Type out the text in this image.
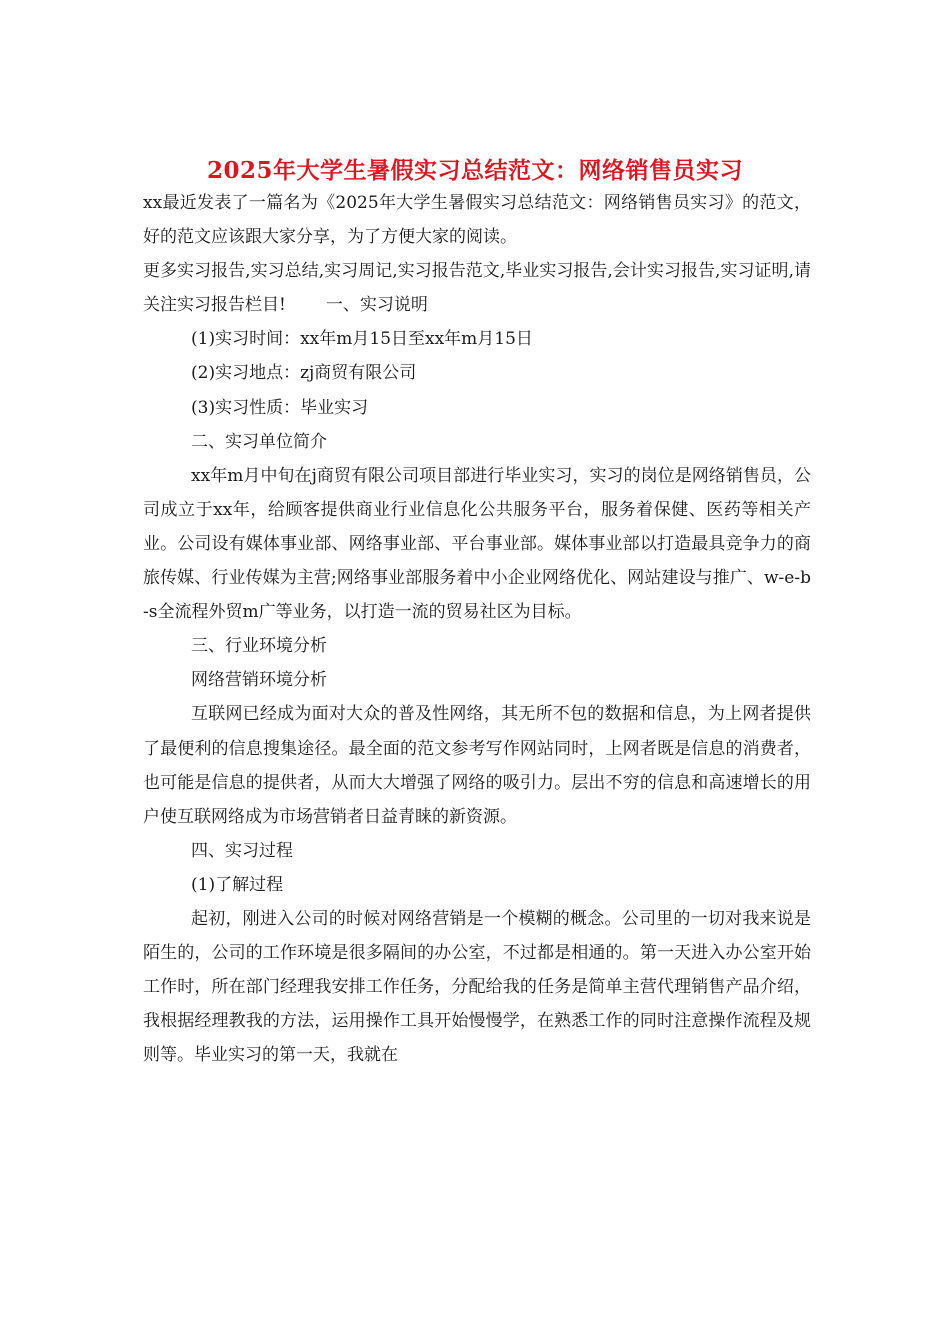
2025年大学生暑假实习总结范文：网络销售员实习

xx最近发表了一篇名为《2025年大学生暑假实习总结范文：网络销售员实习》的范文，好的范文应该跟大家分享，为了方便大家的阅读。

更多实习报告,实习总结,实习周记,实习报告范文,毕业实习报告,会计实习报告,实习证明,请关注实习报告栏目! 一、实习说明

(1)实习时间：xx年m月15日至xx年m月15日

(2)实习地点：zj商贸有限公司

(3)实习性质：毕业实习

二、实习单位简介

xx年m月中旬在j商贸有限公司项目部进行毕业实习，实习的岗位是网络销售员，公司成立于xx年，给顾客提供商业行业信息化公共服务平台，服务着保健、医药等相关产业。公司设有媒体事业部、网络事业部、平台事业部。媒体事业部以打造最具竞争力的商旅传媒、行业传媒为主营;网络事业部服务着中小企业网络优化、网站建设与推广、w-e-b-s全流程外贸m广等业务，以打造一流的贸易社区为目标。

三、行业环境分析

网络营销环境分析

互联网已经成为面对大众的普及性网络，其无所不包的数据和信息，为上网者提供了最便利的信息搜集途径。最全面的范文参考写作网站同时，上网者既是信息的消费者，也可能是信息的提供者，从而大大增强了网络的吸引力。层出不穷的信息和高速增长的用户使互联网络成为市场营销者日益青睐的新资源。

四、实习过程

(1)了解过程

起初，刚进入公司的时候对网络营销是一个模糊的概念。公司里的一切对我来说是陌生的，公司的工作环境是很多隔间的办公室，不过都是相通的。第一天进入办公室开始工作时，所在部门经理我安排工作任务，分配给我的任务是简单主营代理销售产品介绍，我根据经理教我的方法，运用操作工具开始慢慢学，在熟悉工作的同时注意操作流程及规则等。毕业实习的第一天，我就在
